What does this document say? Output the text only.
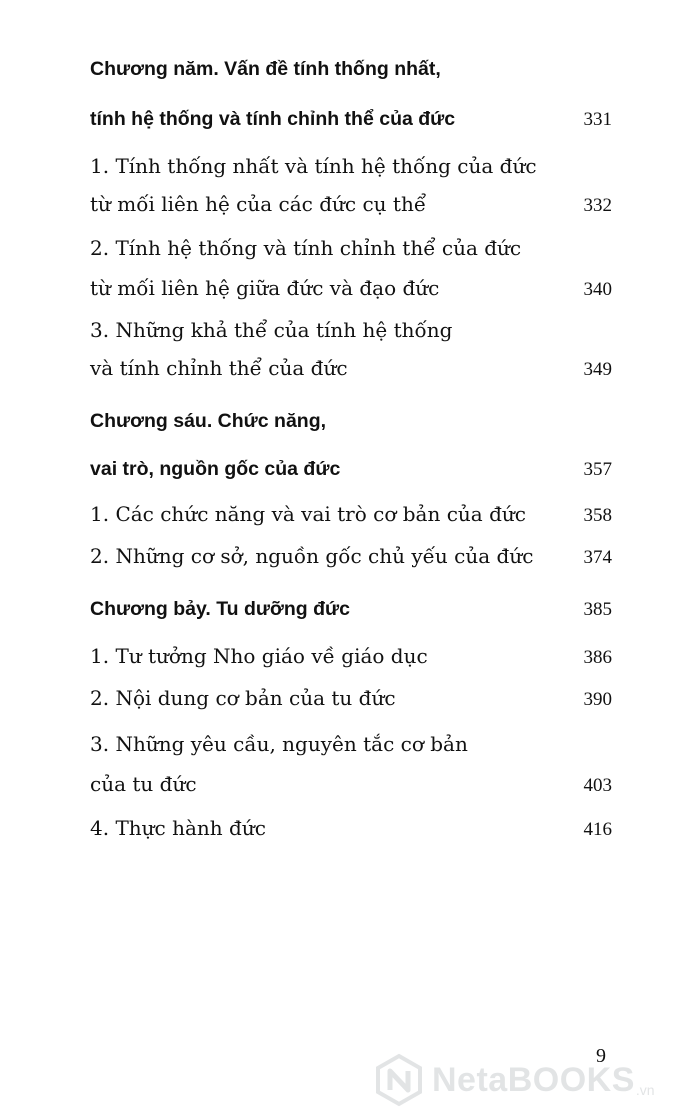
Chương năm. Vấn đề tính thống nhất,
tính hệ thống và tính chỉnh thể của đức	331
1. Tính thống nhất và tính hệ thống của đức
từ mối liên hệ của các đức cụ thể	332
2. Tính hệ thống và tính chỉnh thể của đức
từ mối liên hệ giữa đức và đạo đức	340
3. Những khả thể của tính hệ thống
và tính chỉnh thể của đức	349
Chương sáu. Chức năng,
vai trò, nguồn gốc của đức	357
1. Các chức năng và vai trò cơ bản của đức	358
2. Những cơ sở, nguồn gốc chủ yếu của đức	374
Chương bảy. Tu dưỡng đức	385
1. Tư tưởng Nho giáo về giáo dục	386
2. Nội dung cơ bản của tu đức	390
3. Những yêu cầu, nguyên tắc cơ bản
của tu đức	403
4. Thực hành đức	416
9
NetaBOOKS .vn
